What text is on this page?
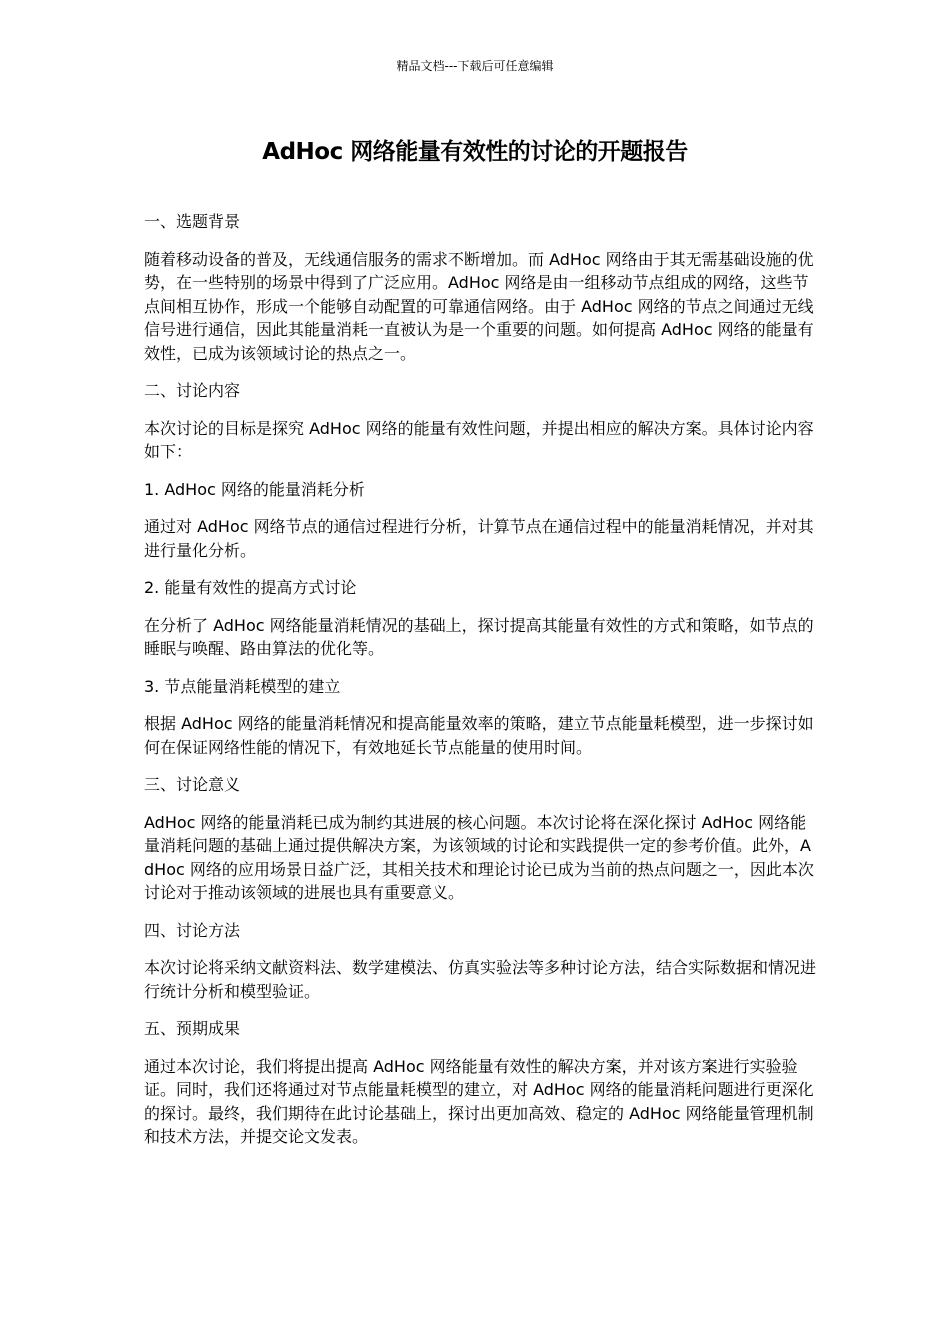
精品文档---下载后可任意编辑
AdHoc 网络能量有效性的讨论的开题报告

一、选题背景

随着移动设备的普及，无线通信服务的需求不断增加。而 AdHoc 网络由于其无需基础设施的优势，在一些特别的场景中得到了广泛应用。AdHoc 网络是由一组移动节点组成的网络，这些节点间相互协作，形成一个能够自动配置的可靠通信网络。由于 AdHoc 网络的节点之间通过无线信号进行通信，因此其能量消耗一直被认为是一个重要的问题。如何提高 AdHoc 网络的能量有效性，已成为该领域讨论的热点之一。

二、讨论内容

本次讨论的目标是探究 AdHoc 网络的能量有效性问题，并提出相应的解决方案。具体讨论内容如下：

1. AdHoc 网络的能量消耗分析

通过对 AdHoc 网络节点的通信过程进行分析，计算节点在通信过程中的能量消耗情况，并对其进行量化分析。

2. 能量有效性的提高方式讨论

在分析了 AdHoc 网络能量消耗情况的基础上，探讨提高其能量有效性的方式和策略，如节点的睡眠与唤醒、路由算法的优化等。

3. 节点能量消耗模型的建立

根据 AdHoc 网络的能量消耗情况和提高能量效率的策略，建立节点能量耗模型，进一步探讨如何在保证网络性能的情况下，有效地延长节点能量的使用时间。

三、讨论意义

AdHoc 网络的能量消耗已成为制约其进展的核心问题。本次讨论将在深化探讨 AdHoc 网络能量消耗问题的基础上通过提供解决方案，为该领域的讨论和实践提供一定的参考价值。此外，AdHoc 网络的应用场景日益广泛，其相关技术和理论讨论已成为当前的热点问题之一，因此本次讨论对于推动该领域的进展也具有重要意义。

四、讨论方法

本次讨论将采纳文献资料法、数学建模法、仿真实验法等多种讨论方法，结合实际数据和情况进行统计分析和模型验证。

五、预期成果

通过本次讨论，我们将提出提高 AdHoc 网络能量有效性的解决方案，并对该方案进行实验验证。同时，我们还将通过对节点能量耗模型的建立，对 AdHoc 网络的能量消耗问题进行更深化的探讨。最终，我们期待在此讨论基础上，探讨出更加高效、稳定的 AdHoc 网络能量管理机制和技术方法，并提交论文发表。
